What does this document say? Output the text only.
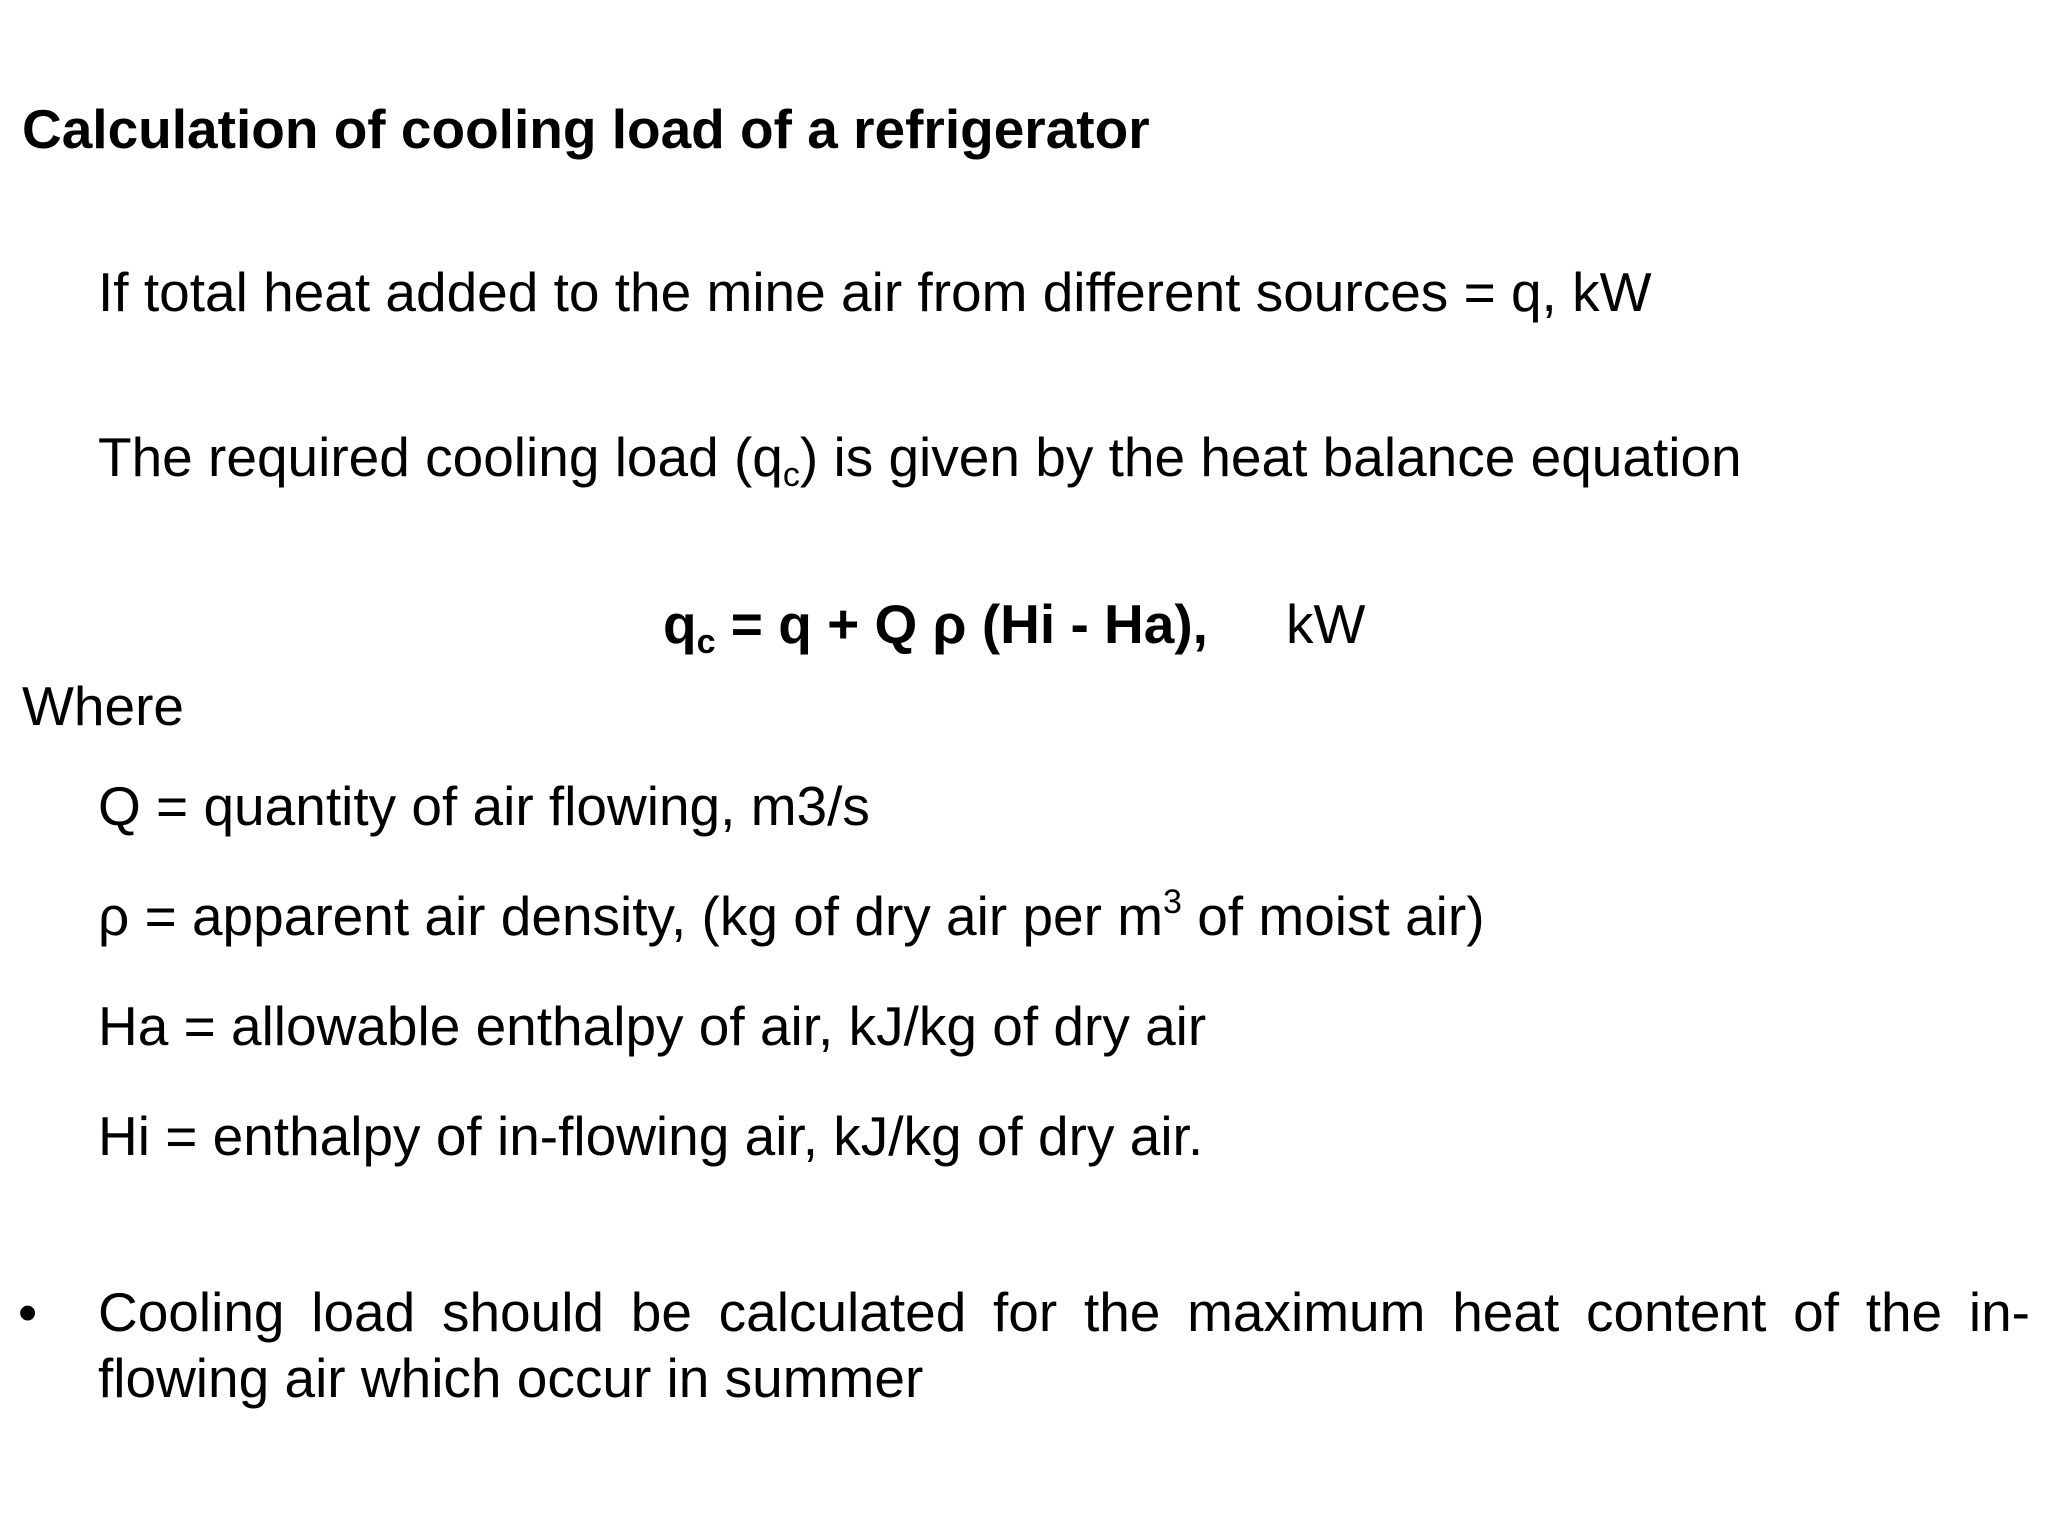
Calculation of cooling load of a refrigerator
If total heat added to the mine air from different sources = q, kW
The required cooling load $(q_c)$ is given by the heat balance equation
$q_c = q + Q$ ρ (Hi - Ha), kW
Where
Q = quantity of air flowing, m3/s
ρ = apparent air density, (kg of dry air per $m^3$ of moist air)
Ha = allowable enthalpy of air, kJ/kg of dry air
Hi = enthalpy of in-flowing air, kJ/kg of dry air.
• Cooling load should be calculated for the maximum heat content of the in-flowing air which occur in summer
